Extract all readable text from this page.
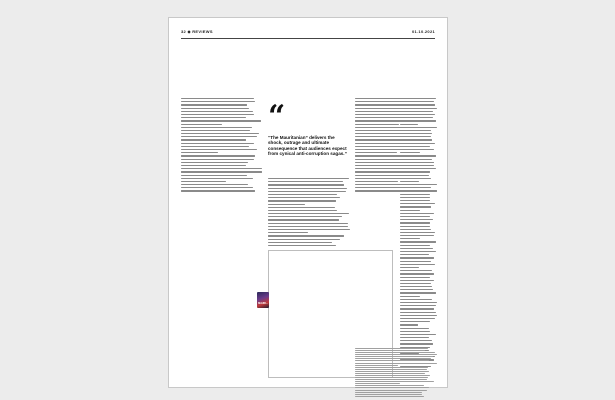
32 ◆ REVIEWS	01.10.2021
“
“The Mauritanian” delivers the shock, outrage and ultimate consequence that audiences expect from cynical anti-corruption sagas.”
MAURI...
